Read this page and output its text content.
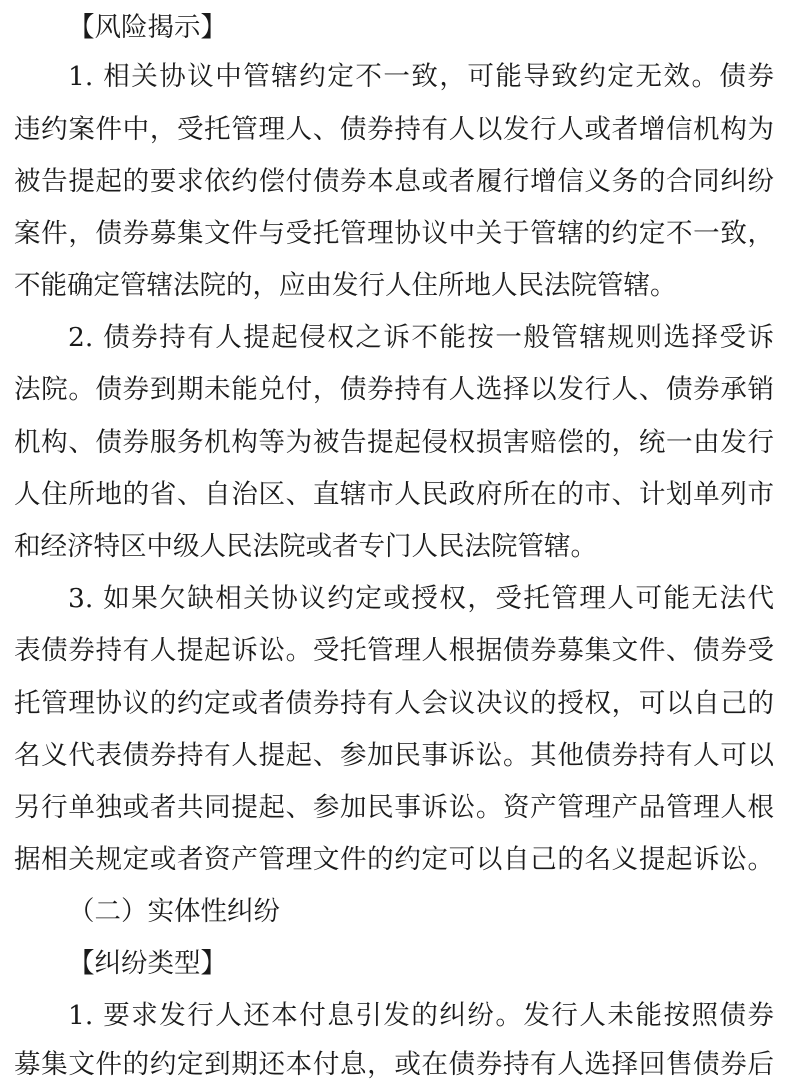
【风险揭示】
1. 相关协议中管辖约定不一致，可能导致约定无效。债券
违约案件中，受托管理人、债券持有人以发行人或者增信机构为
被告提起的要求依约偿付债券本息或者履行增信义务的合同纠纷
案件，债券募集文件与受托管理协议中关于管辖的约定不一致，
不能确定管辖法院的，应由发行人住所地人民法院管辖。
2. 债券持有人提起侵权之诉不能按一般管辖规则选择受诉
法院。债券到期未能兑付，债券持有人选择以发行人、债券承销
机构、债券服务机构等为被告提起侵权损害赔偿的，统一由发行
人住所地的省、自治区、直辖市人民政府所在的市、计划单列市
和经济特区中级人民法院或者专门人民法院管辖。
3. 如果欠缺相关协议约定或授权，受托管理人可能无法代
表债券持有人提起诉讼。受托管理人根据债券募集文件、债券受
托管理协议的约定或者债券持有人会议决议的授权，可以自己的
名义代表债券持有人提起、参加民事诉讼。其他债券持有人可以
另行单独或者共同提起、参加民事诉讼。资产管理产品管理人根
据相关规定或者资产管理文件的约定可以自己的名义提起诉讼。
（二）实体性纠纷
【纠纷类型】
1. 要求发行人还本付息引发的纠纷。发行人未能按照债券
募集文件的约定到期还本付息，或在债券持有人选择回售债券后
